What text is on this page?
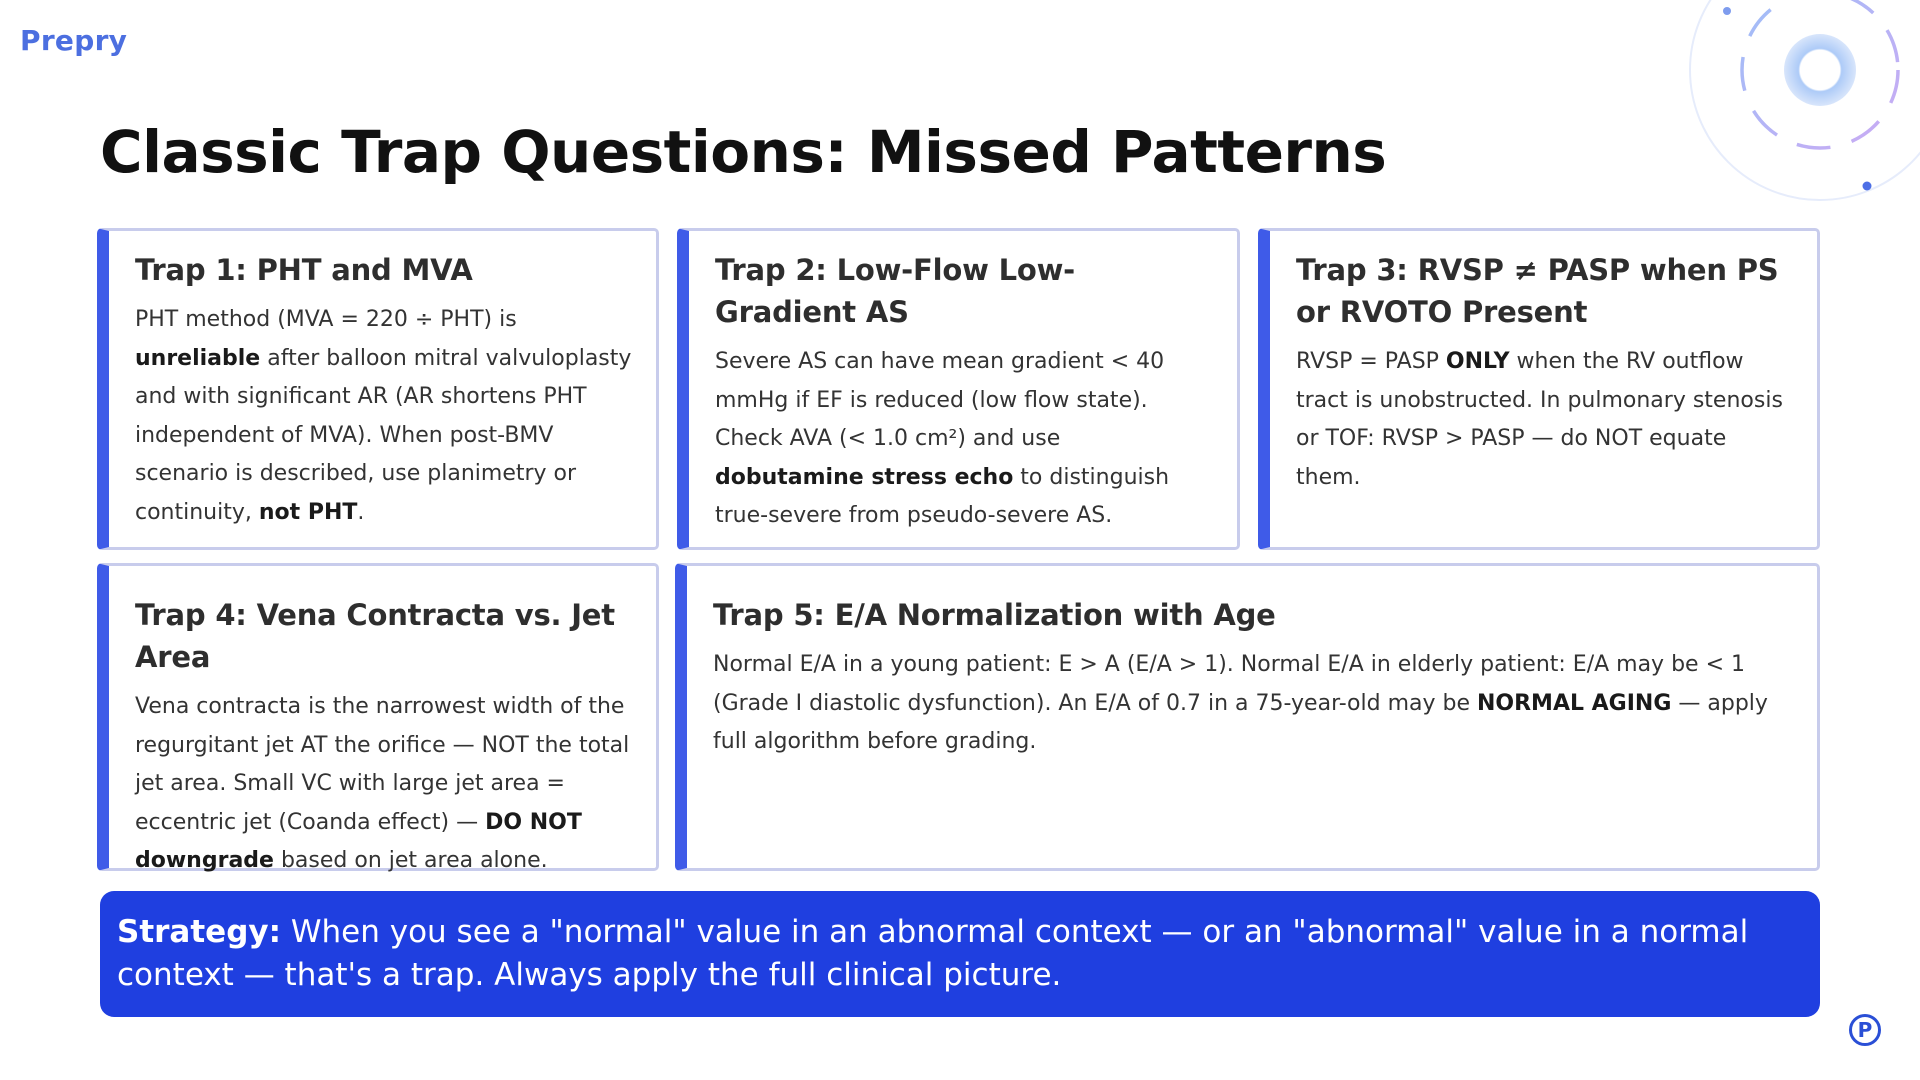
Prepry
Classic Trap Questions: Missed Patterns
Trap 1: PHT and MVA

PHT method (MVA = 220 ÷ PHT) is unreliable after balloon mitral valvuloplasty and with significant AR (AR shortens PHT independent of MVA). When post-BMV scenario is described, use planimetry or continuity, not PHT.

Trap 2: Low-Flow Low-Gradient AS

Severe AS can have mean gradient < 40 mmHg if EF is reduced (low flow state). Check AVA (< 1.0 cm²) and use dobutamine stress echo to distinguish true-severe from pseudo-severe AS.

Trap 3: RVSP ≠ PASP when PS or RVOTO Present

RVSP = PASP ONLY when the RV outflow tract is unobstructed. In pulmonary stenosis or TOF: RVSP > PASP — do NOT equate them.

Trap 4: Vena Contracta vs. Jet Area

Vena contracta is the narrowest width of the regurgitant jet AT the orifice — NOT the total jet area. Small VC with large jet area = eccentric jet (Coanda effect) — DO NOT downgrade based on jet area alone.

Trap 5: E/A Normalization with Age

Normal E/A in a young patient: E > A (E/A > 1). Normal E/A in elderly patient: E/A may be < 1 (Grade I diastolic dysfunction). An E/A of 0.7 in a 75-year-old may be NORMAL AGING — apply full algorithm before grading.

Strategy: When you see a "normal" value in an abnormal context — or an "abnormal" value in a normal context — that's a trap. Always apply the full clinical picture.
P
